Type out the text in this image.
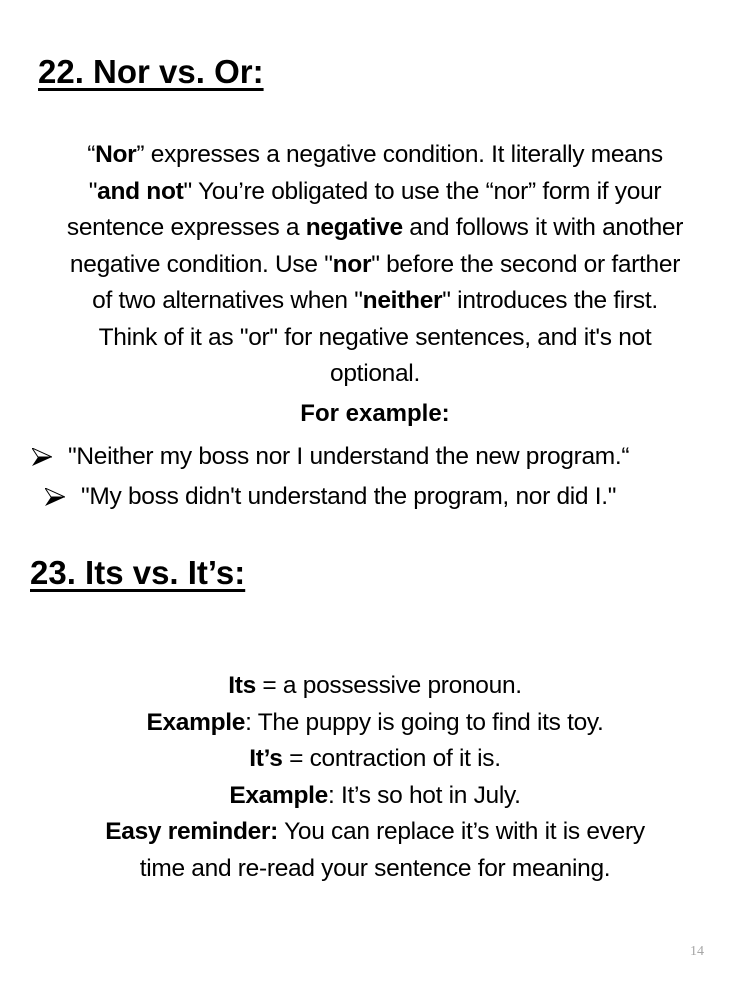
22. Nor vs. Or:
“Nor” expresses a negative condition. It literally means
"and not" You’re obligated to use the “nor” form if your
sentence expresses a negative and follows it with another
negative condition. Use "nor" before the second or farther
of two alternatives when "neither" introduces the first.
Think of it as "or" for negative sentences, and it's not
optional.
For example:
"Neither my boss nor I understand the new program.“
"My boss didn't understand the program, nor did I."
23. Its vs. It’s:
Its = a possessive pronoun.
Example: The puppy is going to find its toy.
It’s = contraction of it is.
Example: It’s so hot in July.
Easy reminder: You can replace it’s with it is every
time and re-read your sentence for meaning.
14
